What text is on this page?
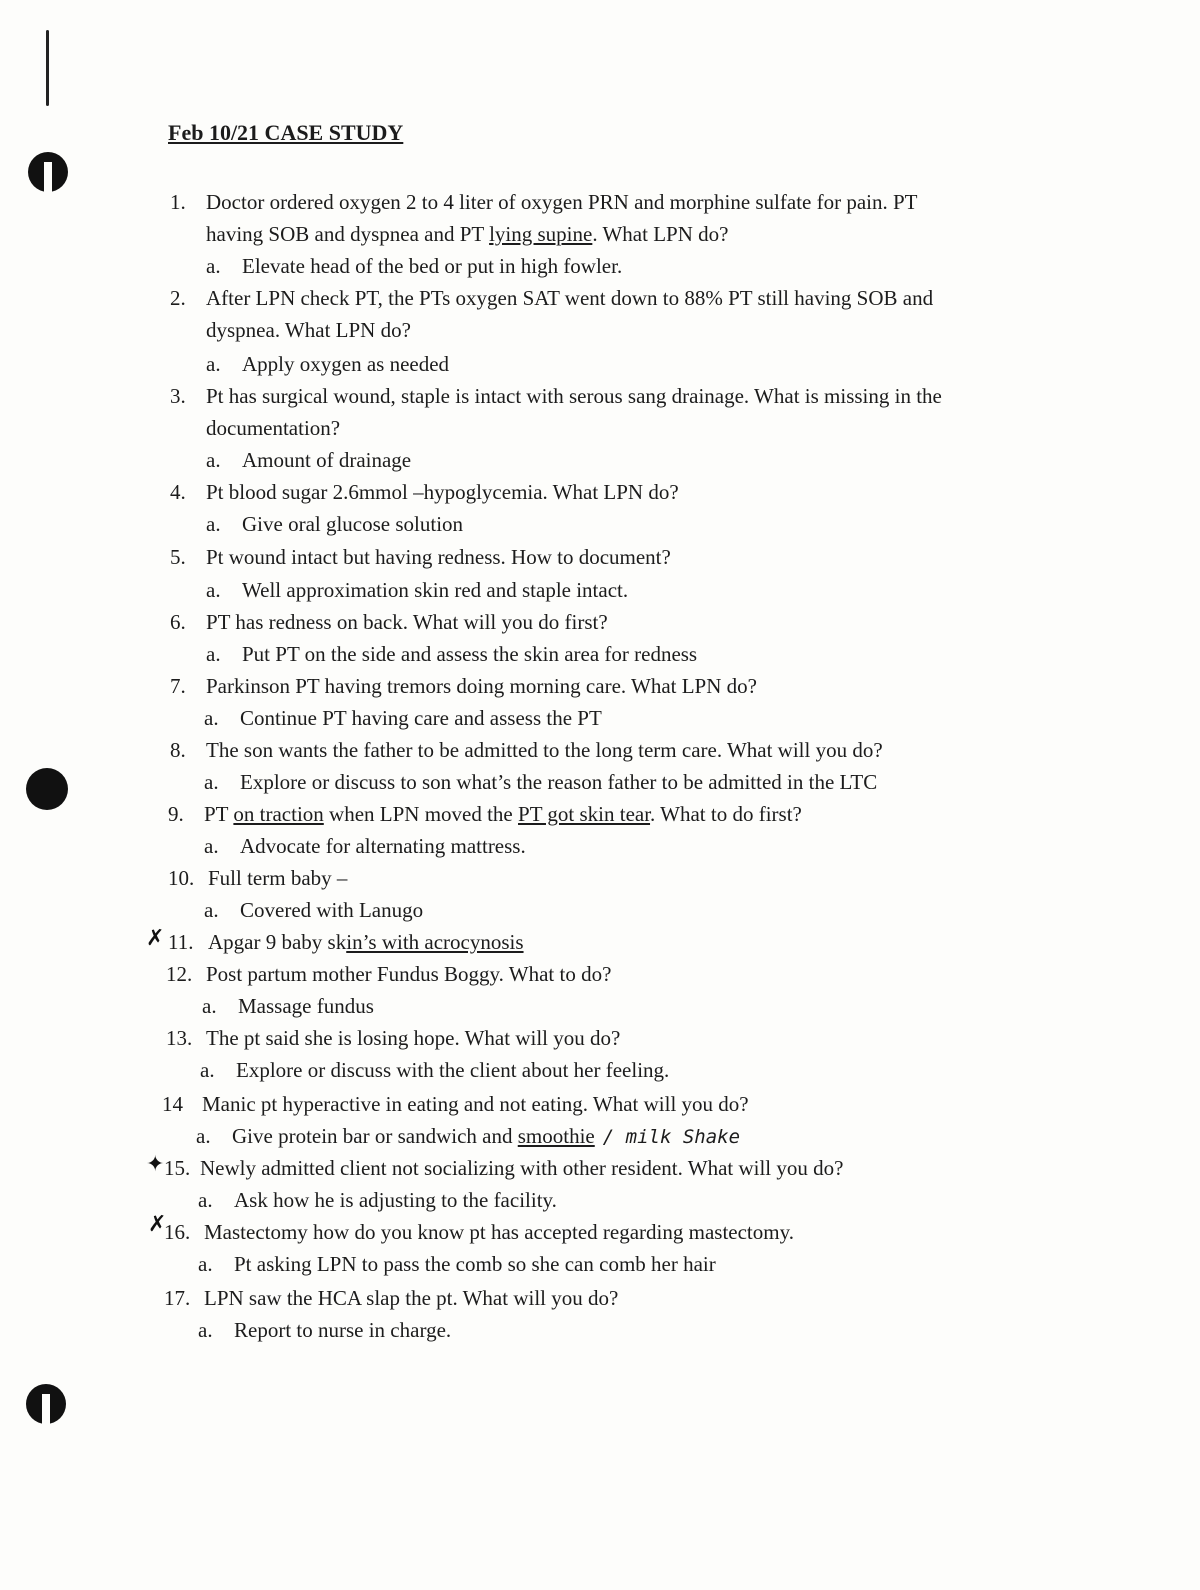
Feb 10/21 CASE STUDY
1. Doctor ordered oxygen 2 to 4 liter of oxygen PRN and morphine sulfate for pain. PT
having SOB and dyspnea and PT lying supine. What LPN do?
a. Elevate head of the bed or put in high fowler.
2. After LPN check PT, the PTs oxygen SAT went down to 88% PT still having SOB and
dyspnea. What LPN do?
a. Apply oxygen as needed
3. Pt has surgical wound, staple is intact with serous sang drainage. What is missing in the
documentation?
a. Amount of drainage
4. Pt blood sugar 2.6mmol –hypoglycemia. What LPN do?
a. Give oral glucose solution
5. Pt wound intact but having redness. How to document?
a. Well approximation skin red and staple intact.
6. PT has redness on back. What will you do first?
a. Put PT on the side and assess the skin area for redness
7. Parkinson PT having tremors doing morning care. What LPN do?
a. Continue PT having care and assess the PT
8. The son wants the father to be admitted to the long term care. What will you do?
a. Explore or discuss to son what’s the reason father to be admitted in the LTC
9. PT on traction when LPN moved the PT got skin tear. What to do first?
a. Advocate for alternating mattress.
10. Full term baby –
a. Covered with Lanugo
✗ 11. Apgar 9 baby skin’s with acrocynosis
12. Post partum mother Fundus Boggy. What to do?
a. Massage fundus
13. The pt said she is losing hope. What will you do?
a. Explore or discuss with the client about her feeling.
14 Manic pt hyperactive in eating and not eating. What will you do?
a. Give protein bar or sandwich and smoothie / milk Shake
✦ 15. Newly admitted client not socializing with other resident. What will you do?
a. Ask how he is adjusting to the facility.
✗
16. Mastectomy how do you know pt has accepted regarding mastectomy.
a. Pt asking LPN to pass the comb so she can comb her hair
17. LPN saw the HCA slap the pt. What will you do?
a. Report to nurse in charge.
